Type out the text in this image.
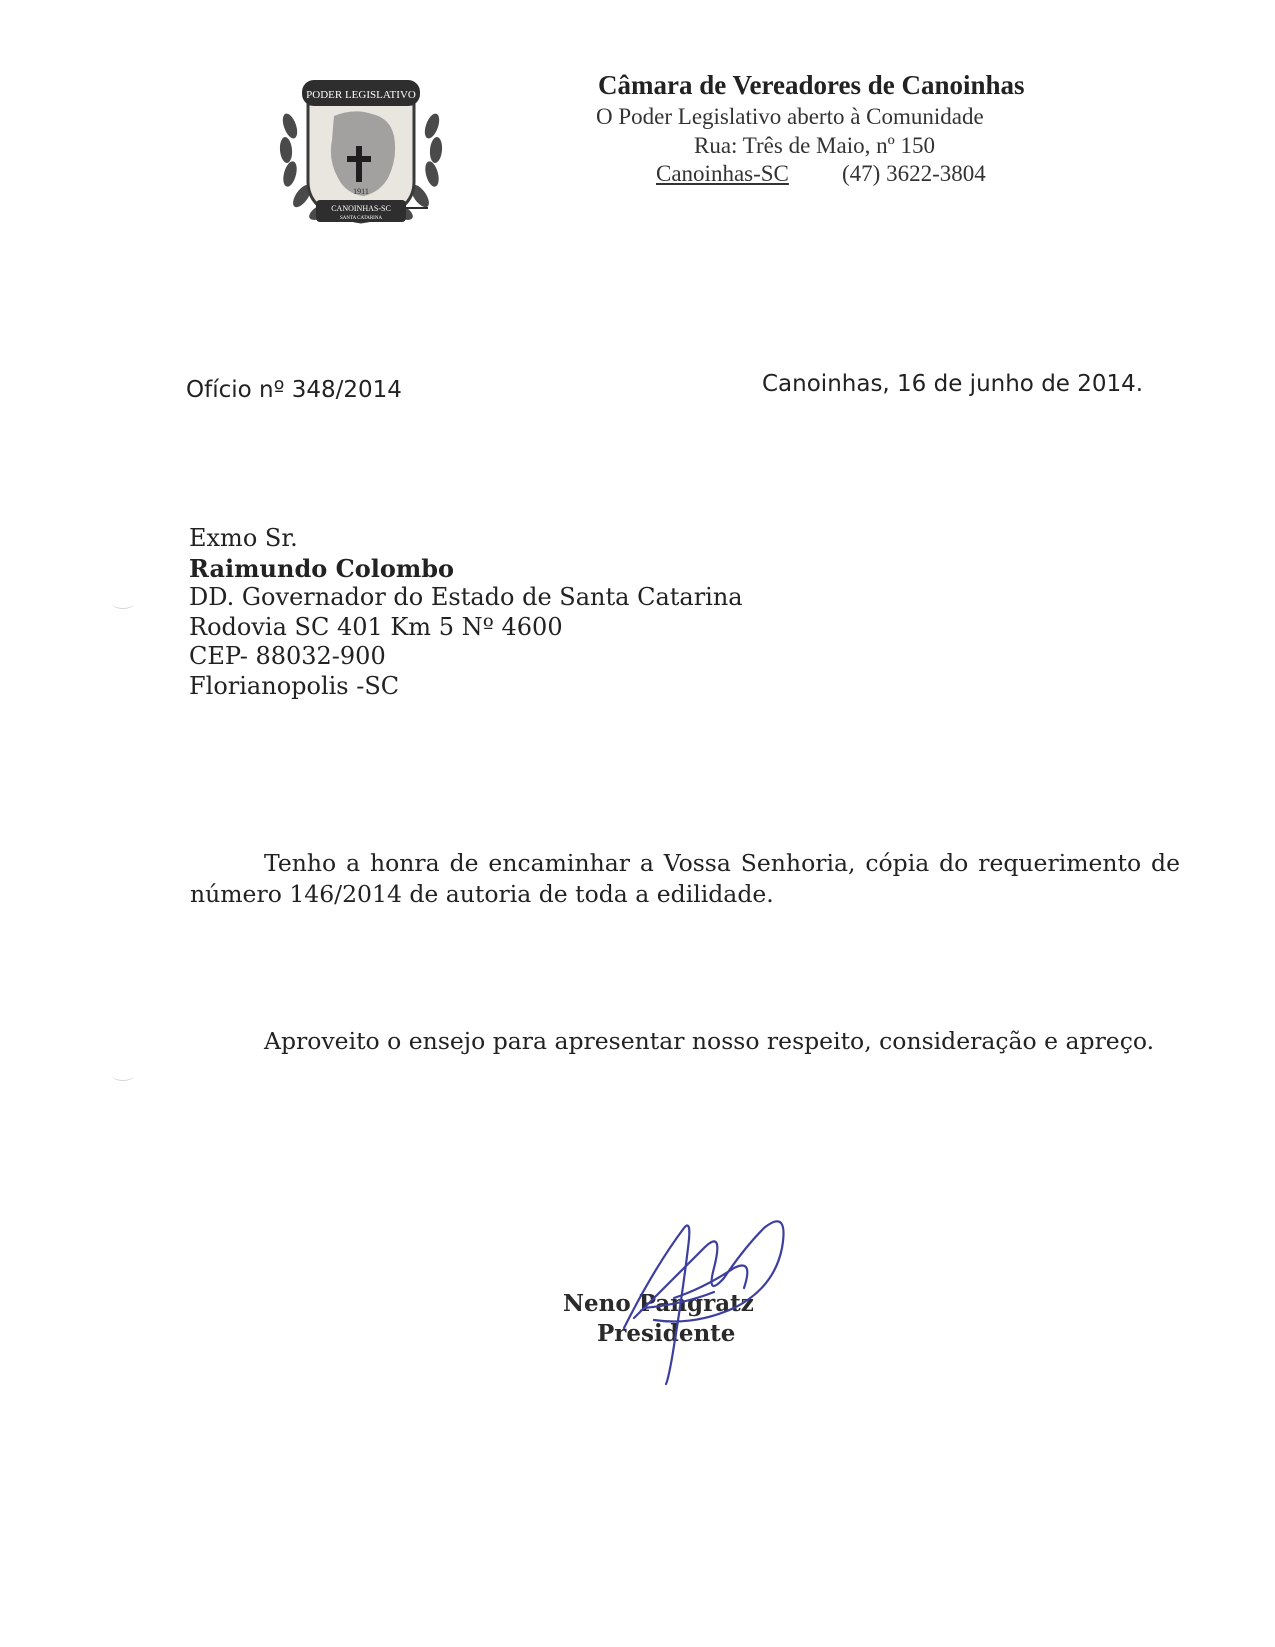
PODER LEGISLATIVO
1911
CANOINHAS-SC
SANTA CATARINA
Câmara de Vereadores de Canoinhas
O Poder Legislativo aberto à Comunidade
Rua: Três de Maio, nº 150
Canoinhas-SC (47) 3622-3804
Ofício nº 348/2014	Canoinhas, 16 de junho de 2014.
Exmo Sr.
Raimundo Colombo
DD. Governador do Estado de Santa Catarina
Rodovia SC 401 Km 5 Nº 4600
CEP- 88032-900
Florianopolis -SC
Tenho a honra de encaminhar a Vossa Senhoria, cópia do requerimento de número 146/2014 de autoria de toda a edilidade.
Aproveito o ensejo para apresentar nosso respeito, consideração e apreço.
Neno Pangratz
Presidente
